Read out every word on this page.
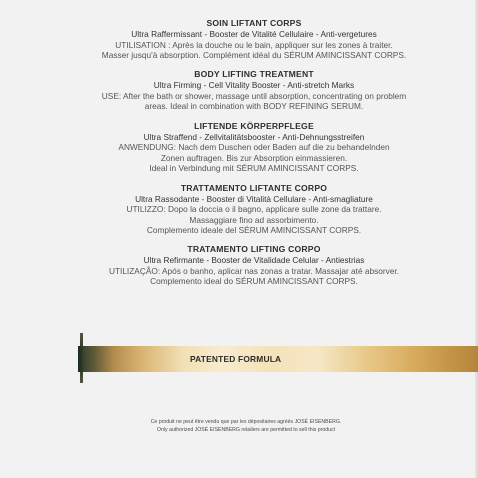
SOIN LIFTANT CORPS
Ultra Raffermissant - Booster de Vitalité Cellulaire - Anti-vergetures
UTILISATION : Après la douche ou le bain, appliquer sur les zones à traiter.
Masser jusqu'à absorption. Complément idéal du SÉRUM AMINCISSANT CORPS.
BODY LIFTING TREATMENT
Ultra Firming - Cell Vitality Booster - Anti-stretch Marks
USE: After the bath or shower, massage until absorption, concentrating on problem
areas. Ideal in combination with BODY REFINING SERUM.
LIFTENDE KÖRPERPFLEGE
Ultra Straffend - Zellvitalitätsbooster - Anti-Dehnungsstreifen
ANWENDUNG: Nach dem Duschen oder Baden auf die zu behandelnden
Zonen auftragen. Bis zur Absorption einmassieren.
Ideal in Verbindung mit SÉRUM AMINCISSANT CORPS.
TRATTAMENTO LIFTANTE CORPO
Ultra Rassodante - Booster di Vitalità Cellulare - Anti-smagliature
UTILIZZO: Dopo la doccia o il bagno, applicare sulle zone da trattare.
Massaggiare fino ad assorbimento.
Complemento ideale del SÉRUM AMINCISSANT CORPS.
TRATAMENTO LIFTING CORPO
Ultra Refirmante - Booster de Vitalidade Celular - Antiestrias
UTILIZAÇÃO: Após o banho, aplicar nas zonas a tratar. Massajar até absorver.
Complemento ideal do SÉRUM AMINCISSANT CORPS.
PATENTED FORMULA
Ce produit ne peut être vendu que par les dépositaires agréés JOSÉ EISENBERG.
Only authorized JOSÉ EISENBERG retailers are permitted to sell this product
